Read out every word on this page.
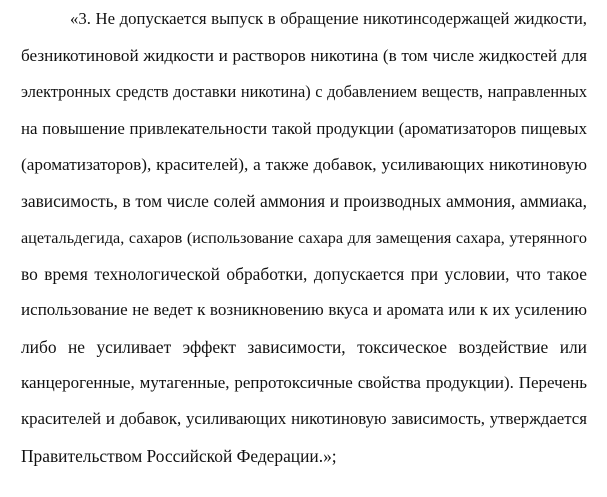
«3. Не допускается выпуск в обращение никотинсодержащей жидкости,
безникотиновой жидкости и растворов никотина (в том числе жидкостей для
электронных средств доставки никотина) с добавлением веществ, направленных
на повышение привлекательности такой продукции (ароматизаторов пищевых
(ароматизаторов), красителей), а также добавок, усиливающих никотиновую
зависимость, в том числе солей аммония и производных аммония, аммиака,
ацетальдегида, сахаров (использование сахара для замещения сахара, утерянного
во время технологической обработки, допускается при условии, что такое
использование не ведет к возникновению вкуса и аромата или к их усилению
либо не усиливает эффект зависимости, токсическое воздействие или
канцерогенные, мутагенные, репротоксичные свойства продукции). Перечень
красителей и добавок, усиливающих никотиновую зависимость, утверждается
Правительством Российской Федерации.»;
